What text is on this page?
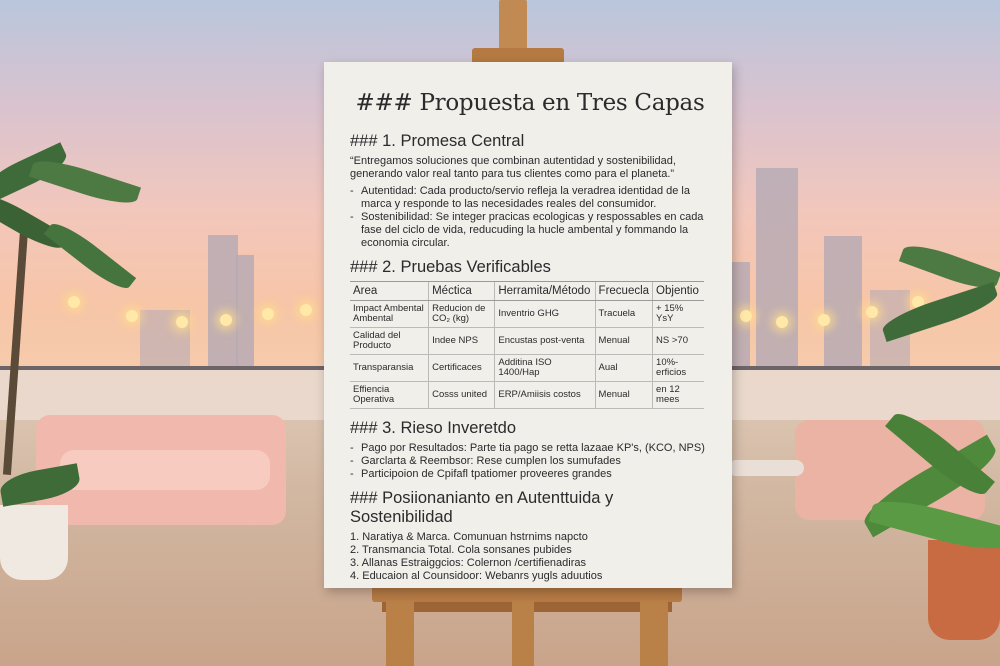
### Propuesta en Tres Capas
### 1. Promesa Central
“Entregamos soluciones que combinan autentidad y sostenibilidad, generando valor real tanto para tus clientes como para el planeta.”
- Autentidad: Cada producto/servio refleja la veradrea identidad de la marca y responde to las necesidades reales del consumidor.
- Sostenibilidad: Se integer pracicas ecologicas y respossables en cada fase del ciclo de vida, reducuding la hucle ambental y fommando la economia circular.
### 2. Pruebas Verificables
Area	Méctica	Herramita/Método	Frecuecla	Objentio
Impact Ambental Ambental	Reducion de CO₂ (kg)	Inventrio GHG	Tracuela	+ 15% YsY
Calidad del Producto	Indee NPS	Encustas post-venta	Menual	NS >70
Transparansia	Certificaces	Additina ISO 1400/Hap	Aual	10%-erficios
Effiencia Operativa	Cosss united	ERP/Amiisis costos	Menual	en 12 mees
### 3. Rieso Inveretdo
- Pago por Resultados: Parte tia pago se retta lazaae KP's, (KCO, NPS)
- Garclarta & Reembsor: Rese cumplen los sumufades
- Participoion de Cpifafl tpatiomer proveeres grandes
### Posiionanianto en Autenttuida y Sostenibilidad
1. Naratiya & Marca. Comunuan hstrnims napcto
2. Transmancia Total. Cola sonsanes pubides
3. Allanas Estraiggcios: Colernon /certifienadiras
4. Educaion al Counsidoor: Webanrs yugls aduutios
